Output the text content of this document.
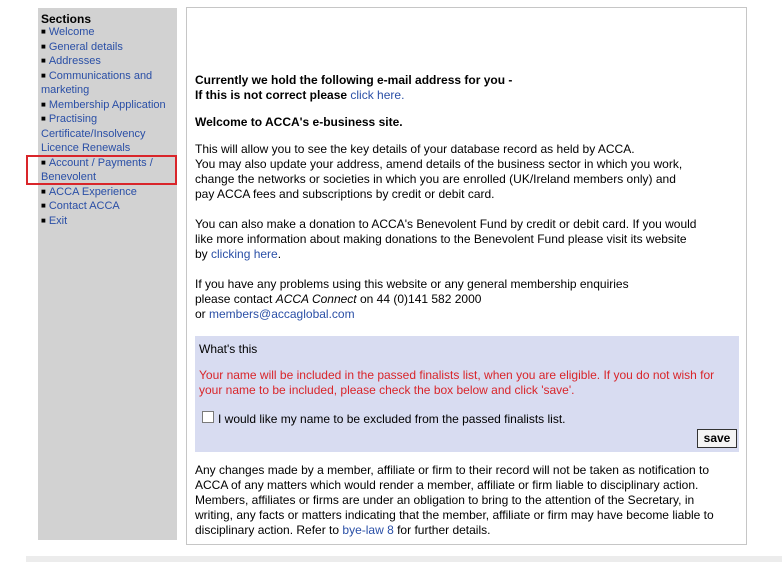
Sections
■ Welcome
■ General details
■ Addresses
■ Communications and marketing
■ Membership Application
■ Practising Certificate/Insolvency Licence Renewals
■ Account / Payments / Benevolent
■ ACCA Experience
■ Contact ACCA
■ Exit
Currently we hold the following e-mail address for you -
If this is not correct please click here.
Welcome to ACCA's e-business site.
This will allow you to see the key details of your database record as held by ACCA.
You may also update your address, amend details of the business sector in which you work,
change the networks or societies in which you are enrolled (UK/Ireland members only) and
pay ACCA fees and subscriptions by credit or debit card.
You can also make a donation to ACCA's Benevolent Fund by credit or debit card. If you would
like more information about making donations to the Benevolent Fund please visit its website
by clicking here.
If you have any problems using this website or any general membership enquiries
please contact ACCA Connect on 44 (0)141 582 2000
or members@accaglobal.com
What's this
Your name will be included in the passed finalists list, when you are eligible. If you do not wish for
your name to be included, please check the box below and click 'save'.
I would like my name to be excluded from the passed finalists list.
save
Any changes made by a member, affiliate or firm to their record will not be taken as notification to
ACCA of any matters which would render a member, affiliate or firm liable to disciplinary action.
Members, affiliates or firms are under an obligation to bring to the attention of the Secretary, in
writing, any facts or matters indicating that the member, affiliate or firm may have become liable to
disciplinary action. Refer to bye-law 8 for further details.
